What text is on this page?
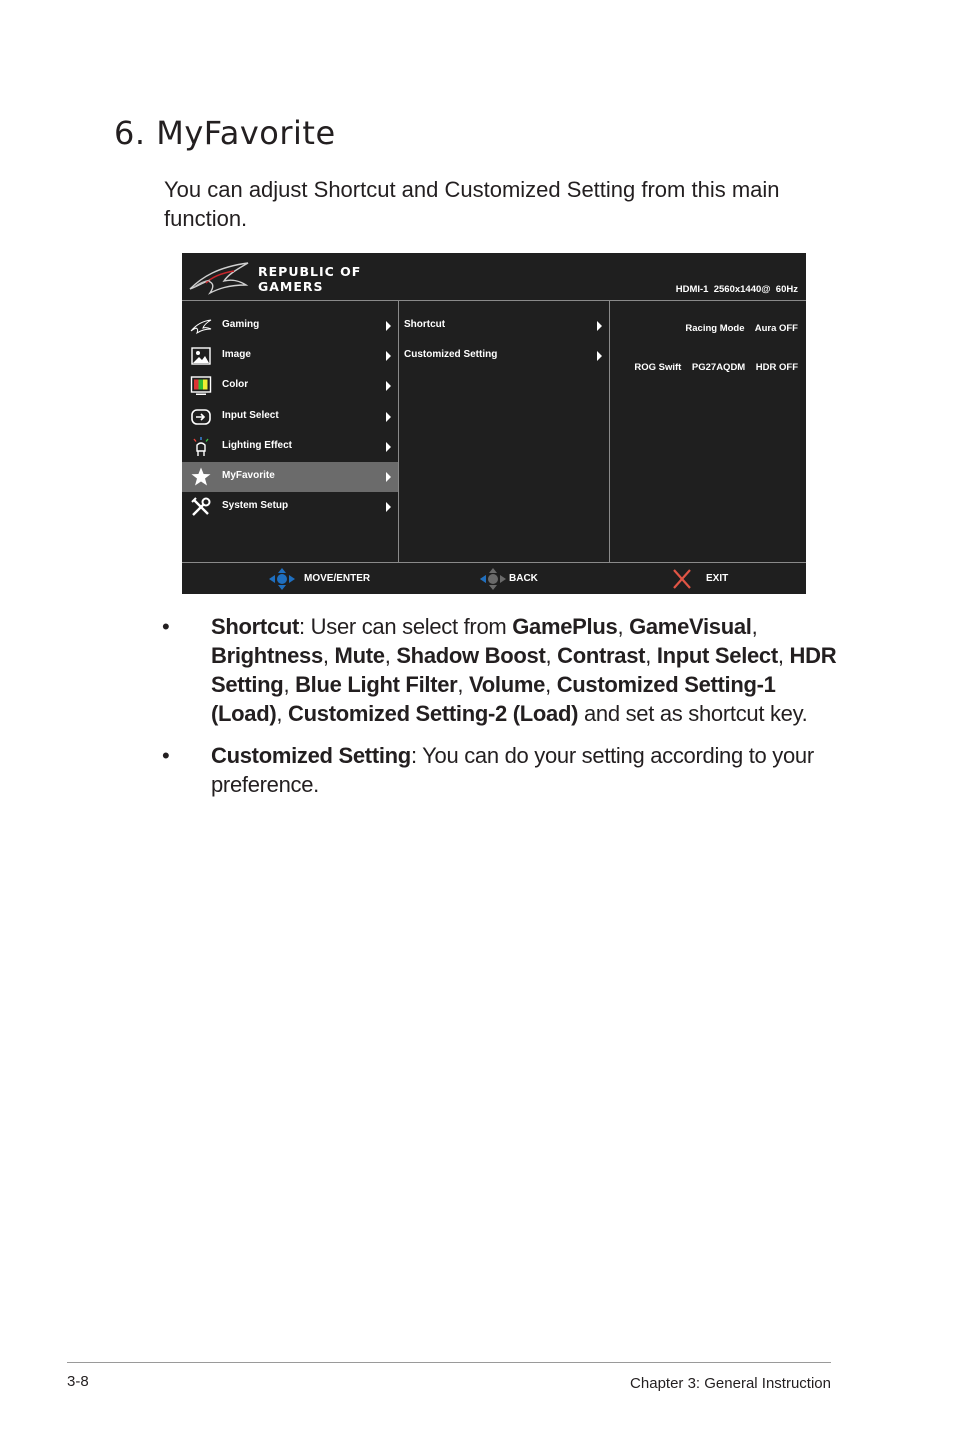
6. MyFavorite

You can adjust Shortcut and Customized Setting from this main function.

REPUBLIC OF
GAMERS

	HDMI-1  2560x1440@  60Hz

Racing Mode    Aura OFF

ROG Swift    PG27AQDM    HDR OFF

Gaming
Image
Color
Input Select
Lighting Effect
MyFavorite
System Setup
Shortcut
Customized Setting
MOVE/ENTER	BACK	EXIT
• Shortcut: User can select from GamePlus, GameVisual, Brightness, Mute, Shadow Boost, Contrast, Input Select, HDR Setting, Blue Light Filter, Volume, Customized Setting-1 (Load), Customized Setting-2 (Load) and set as shortcut key.
• Customized Setting: You can do your setting according to your preference.
3-8	Chapter 3: General Instruction
